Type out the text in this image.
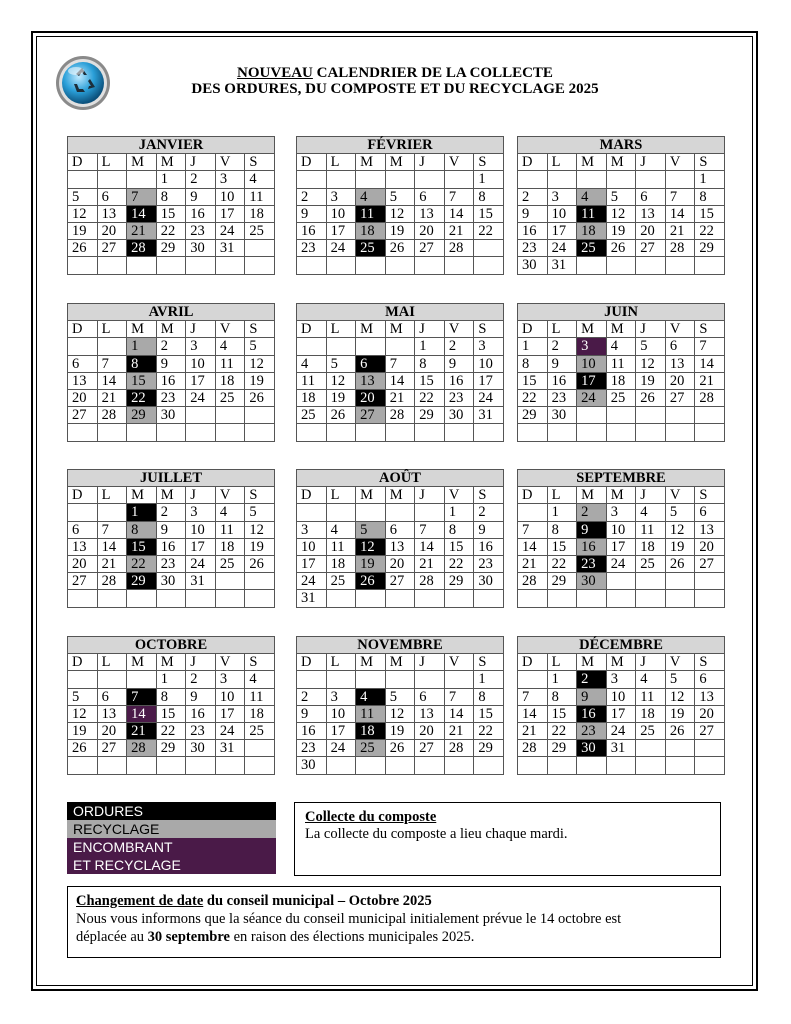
NOUVEAU CALENDRIER DE LA COLLECTE
DES ORDURES, DU COMPOSTE ET DU RECYCLAGE 2025
JANVIER						
D	L	M	M	J	V	S
			1	2	3	4
5	6	7	8	9	10	11
12	13	14	15	16	17	18
19	20	21	22	23	24	25
26	27	28	29	30	31	

FÉVRIER						
D	L	M	M	J	V	S
						1
2	3	4	5	6	7	8
9	10	11	12	13	14	15
16	17	18	19	20	21	22
23	24	25	26	27	28	

MARS						
D	L	M	M	J	V	S
						1
2	3	4	5	6	7	8
9	10	11	12	13	14	15
16	17	18	19	20	21	22
23	24	25	26	27	28	29
30	31					
AVRIL						
D	L	M	M	J	V	S
		1	2	3	4	5
6	7	8	9	10	11	12
13	14	15	16	17	18	19
20	21	22	23	24	25	26
27	28	29	30			

MAI						
D	L	M	M	J	V	S
				1	2	3
4	5	6	7	8	9	10
11	12	13	14	15	16	17
18	19	20	21	22	23	24
25	26	27	28	29	30	31

JUIN						
D	L	M	M	J	V	S
1	2	3	4	5	6	7
8	9	10	11	12	13	14
15	16	17	18	19	20	21
22	23	24	25	26	27	28
29	30					

JUILLET						
D	L	M	M	J	V	S
		1	2	3	4	5
6	7	8	9	10	11	12
13	14	15	16	17	18	19
20	21	22	23	24	25	26
27	28	29	30	31		

AOÛT						
D	L	M	M	J	V	S
					1	2
3	4	5	6	7	8	9
10	11	12	13	14	15	16
17	18	19	20	21	22	23
24	25	26	27	28	29	30
31						
SEPTEMBRE						
D	L	M	M	J	V	S
	1	2	3	4	5	6
7	8	9	10	11	12	13
14	15	16	17	18	19	20
21	22	23	24	25	26	27
28	29	30				

OCTOBRE						
D	L	M	M	J	V	S
			1	2	3	4
5	6	7	8	9	10	11
12	13	14	15	16	17	18
19	20	21	22	23	24	25
26	27	28	29	30	31	

NOVEMBRE						
D	L	M	M	J	V	S
						1
2	3	4	5	6	7	8
9	10	11	12	13	14	15
16	17	18	19	20	21	22
23	24	25	26	27	28	29
30						
DÉCEMBRE						
D	L	M	M	J	V	S
	1	2	3	4	5	6
7	8	9	10	11	12	13
14	15	16	17	18	19	20
21	22	23	24	25	26	27
28	29	30	31			

ORDURES
RECYCLAGE
ENCOMBRANT
ET RECYCLAGE
Collecte du composte
La collecte du composte a lieu chaque mardi.
Changement de date du conseil municipal – Octobre 2025
Nous vous informons que la séance du conseil municipal initialement prévue le 14 octobre est
déplacée au 30 septembre en raison des élections municipales 2025.
